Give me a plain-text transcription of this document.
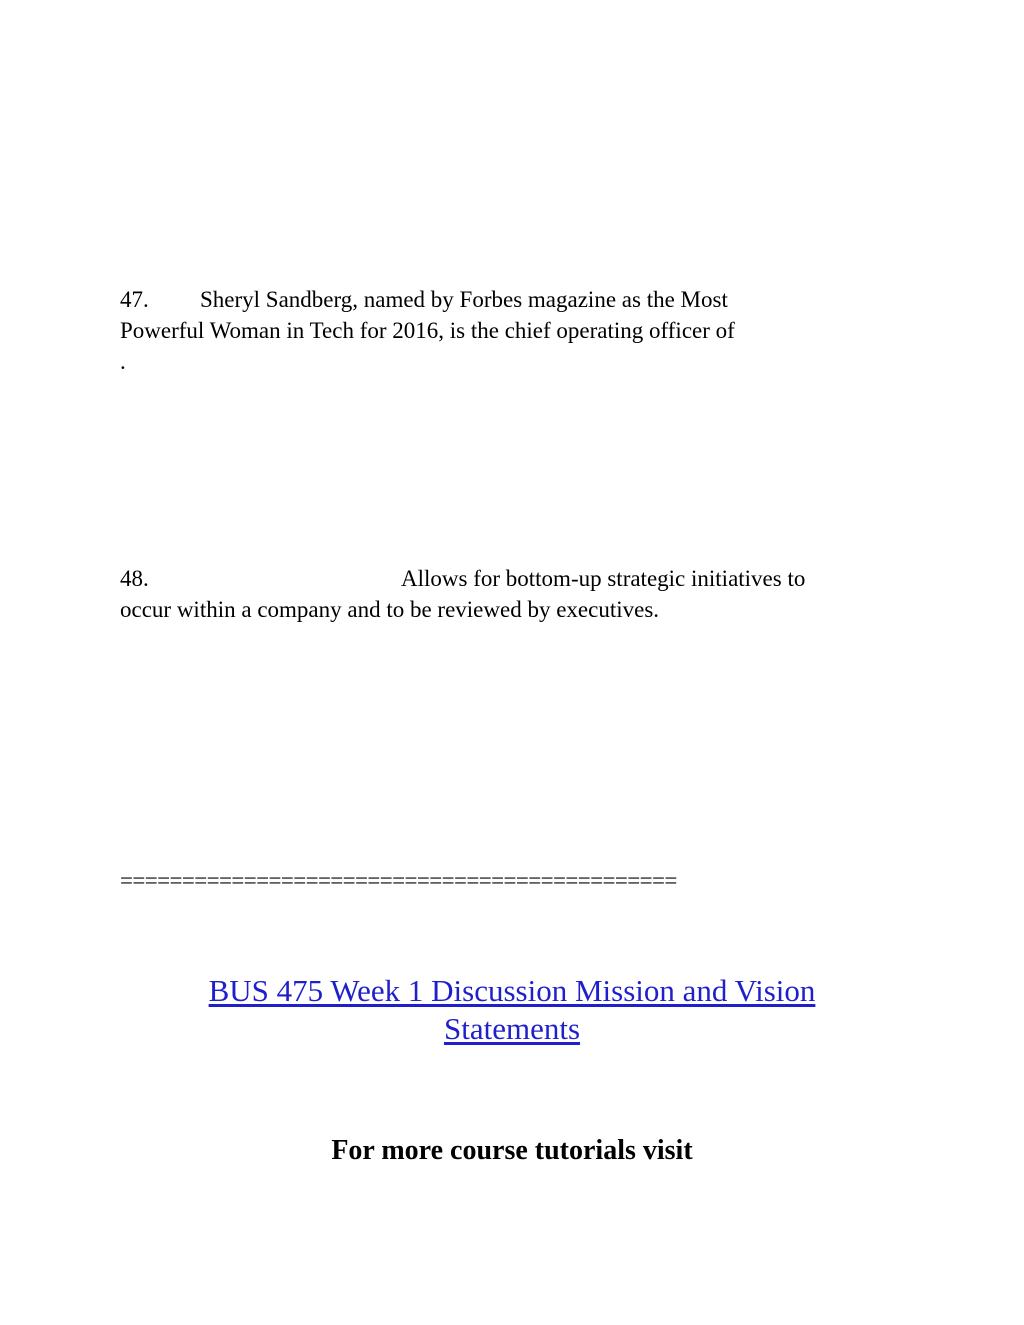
47. Sheryl Sandberg, named by Forbes magazine as the Most
Powerful Woman in Tech for 2016, is the chief operating officer of
.
48.	Allows for bottom-up strategic initiatives to
occur within a company and to be reviewed by executives.
=============================================
BUS 475 Week 1 Discussion Mission and Vision
Statements
For more course tutorials visit
